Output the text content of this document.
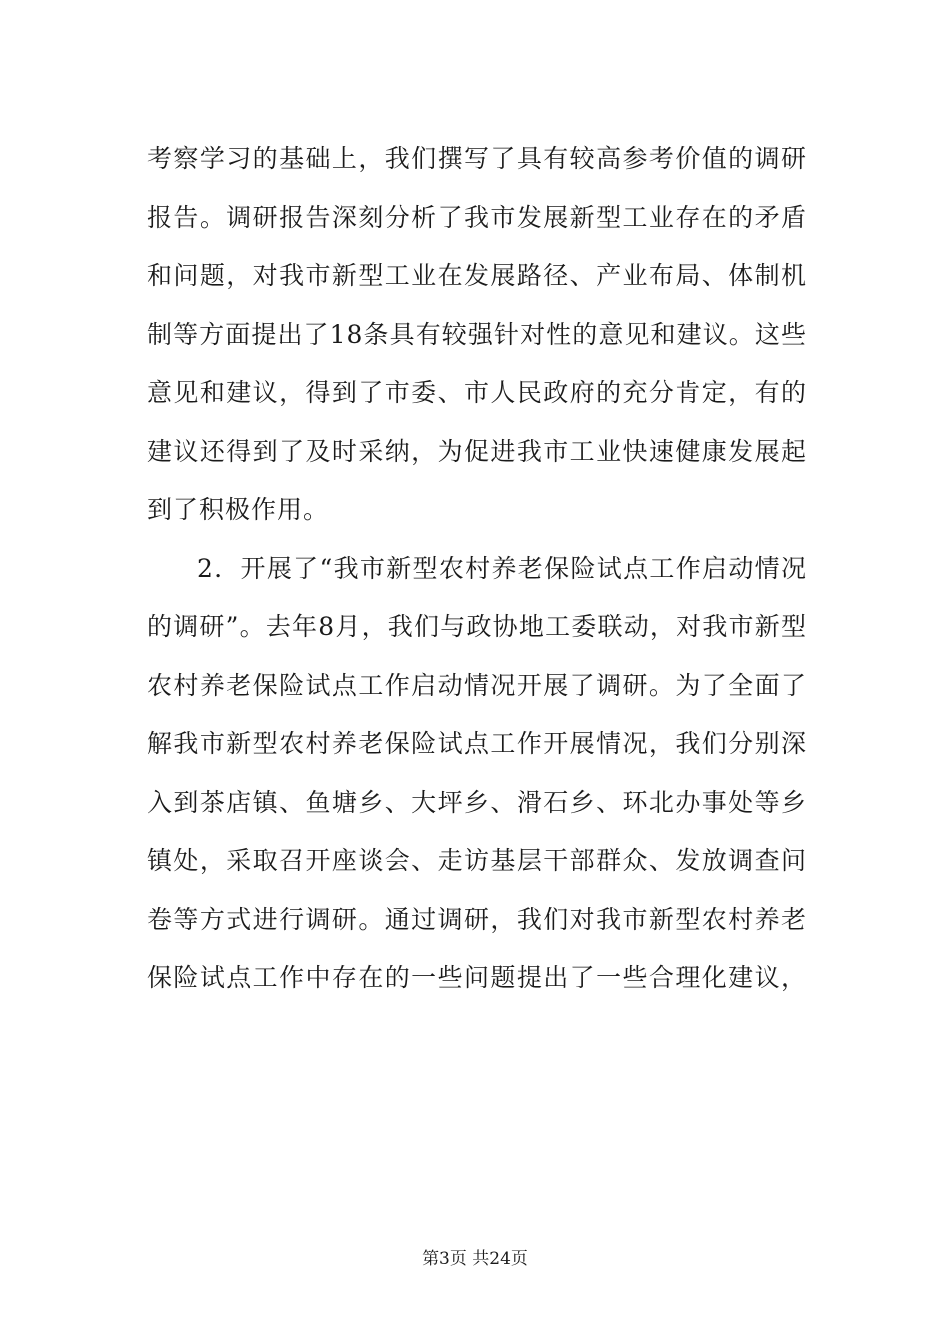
考察学习的基础上，我们撰写了具有较高参考价值的调研
报告。调研报告深刻分析了我市发展新型工业存在的矛盾
和问题，对我市新型工业在发展路径、产业布局、体制机
制等方面提出了18条具有较强针对性的意见和建议。这些
意见和建议，得到了市委、市人民政府的充分肯定，有的
建议还得到了及时采纳，为促进我市工业快速健康发展起
到了积极作用。
2．开展了“我市新型农村养老保险试点工作启动情况
的调研”。去年8月，我们与政协地工委联动，对我市新型
农村养老保险试点工作启动情况开展了调研。为了全面了
解我市新型农村养老保险试点工作开展情况，我们分别深
入到茶店镇、鱼塘乡、大坪乡、滑石乡、环北办事处等乡
镇处，采取召开座谈会、走访基层干部群众、发放调查问
卷等方式进行调研。通过调研，我们对我市新型农村养老
保险试点工作中存在的一些问题提出了一些合理化建议，
第3页 共24页
